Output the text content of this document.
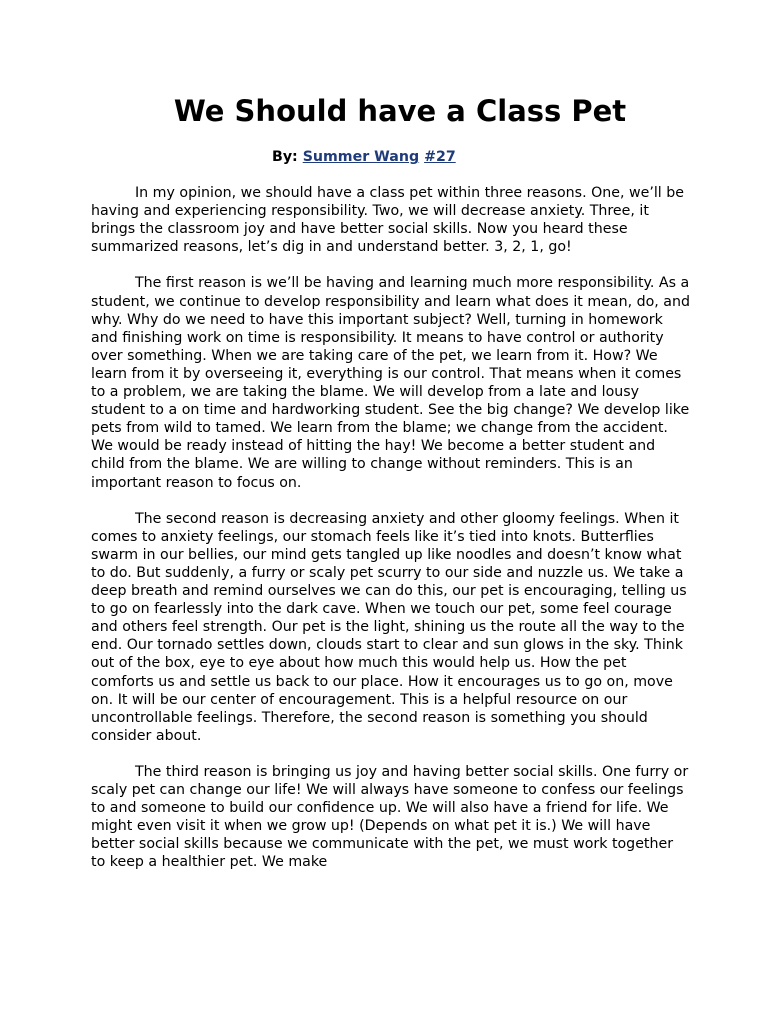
We Should have a Class Pet
By: Summer Wang #27

In my opinion, we should have a class pet within three reasons. One, we’ll be having and experiencing responsibility. Two, we will decrease anxiety. Three, it brings the classroom joy and have better social skills. Now you heard these summarized reasons, let’s dig in and understand better. 3, 2, 1, go!

The first reason is we’ll be having and learning much more responsibility. As a student, we continue to develop responsibility and learn what does it mean, do, and why. Why do we need to have this important subject? Well, turning in homework and finishing work on time is responsibility. It means to have control or authority over something. When we are taking care of the pet, we learn from it. How? We learn from it by overseeing it, everything is our control. That means when it comes to a problem, we are taking the blame. We will develop from a late and lousy student to a on time and hardworking student. See the big change? We develop like pets from wild to tamed. We learn from the blame; we change from the accident. We would be ready instead of hitting the hay! We become a better student and child from the blame. We are willing to change without reminders. This is an important reason to focus on.

The second reason is decreasing anxiety and other gloomy feelings. When it comes to anxiety feelings, our stomach feels like it’s tied into knots. Butterflies swarm in our bellies, our mind gets tangled up like noodles and doesn’t know what to do. But suddenly, a furry or scaly pet scurry to our side and nuzzle us. We take a deep breath and remind ourselves we can do this, our pet is encouraging, telling us to go on fearlessly into the dark cave. When we touch our pet, some feel courage and others feel strength. Our pet is the light, shining us the route all the way to the end. Our tornado settles down, clouds start to clear and sun glows in the sky. Think out of the box, eye to eye about how much this would help us. How the pet comforts us and settle us back to our place. How it encourages us to go on, move on. It will be our center of encouragement. This is a helpful resource on our uncontrollable feelings. Therefore, the second reason is something you should consider about.

The third reason is bringing us joy and having better social skills. One furry or scaly pet can change our life! We will always have someone to confess our feelings to and someone to build our confidence up. We will also have a friend for life. We might even visit it when we grow up! (Depends on what pet it is.) We will have better social skills because we communicate with the pet, we must work together to keep a healthier pet. We make
